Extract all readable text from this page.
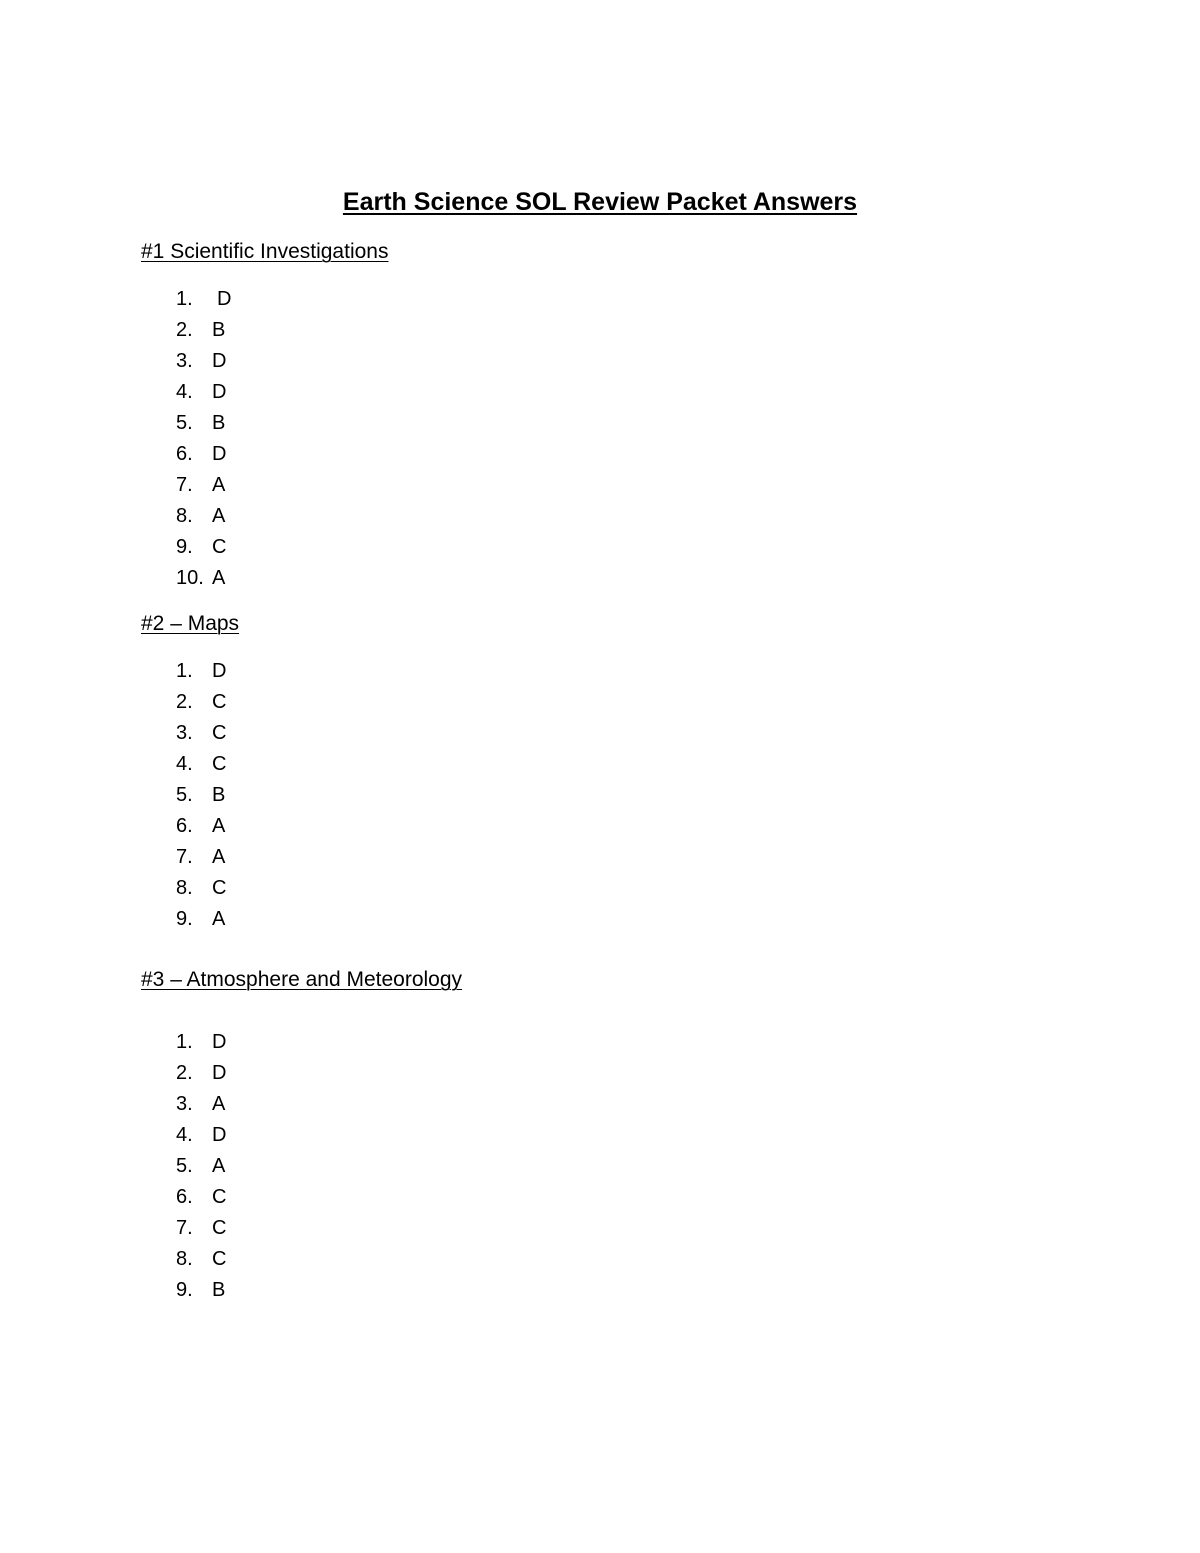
Earth Science SOL Review Packet Answers
#1 Scientific Investigations
1. D
2. B
3. D
4. D
5. B
6. D
7. A
8. A
9. C
10. A
#2 – Maps
1. D
2. C
3. C
4. C
5. B
6. A
7. A
8. C
9. A
#3 – Atmosphere and Meteorology
1. D
2. D
3. A
4. D
5. A
6. C
7. C
8. C
9. B
